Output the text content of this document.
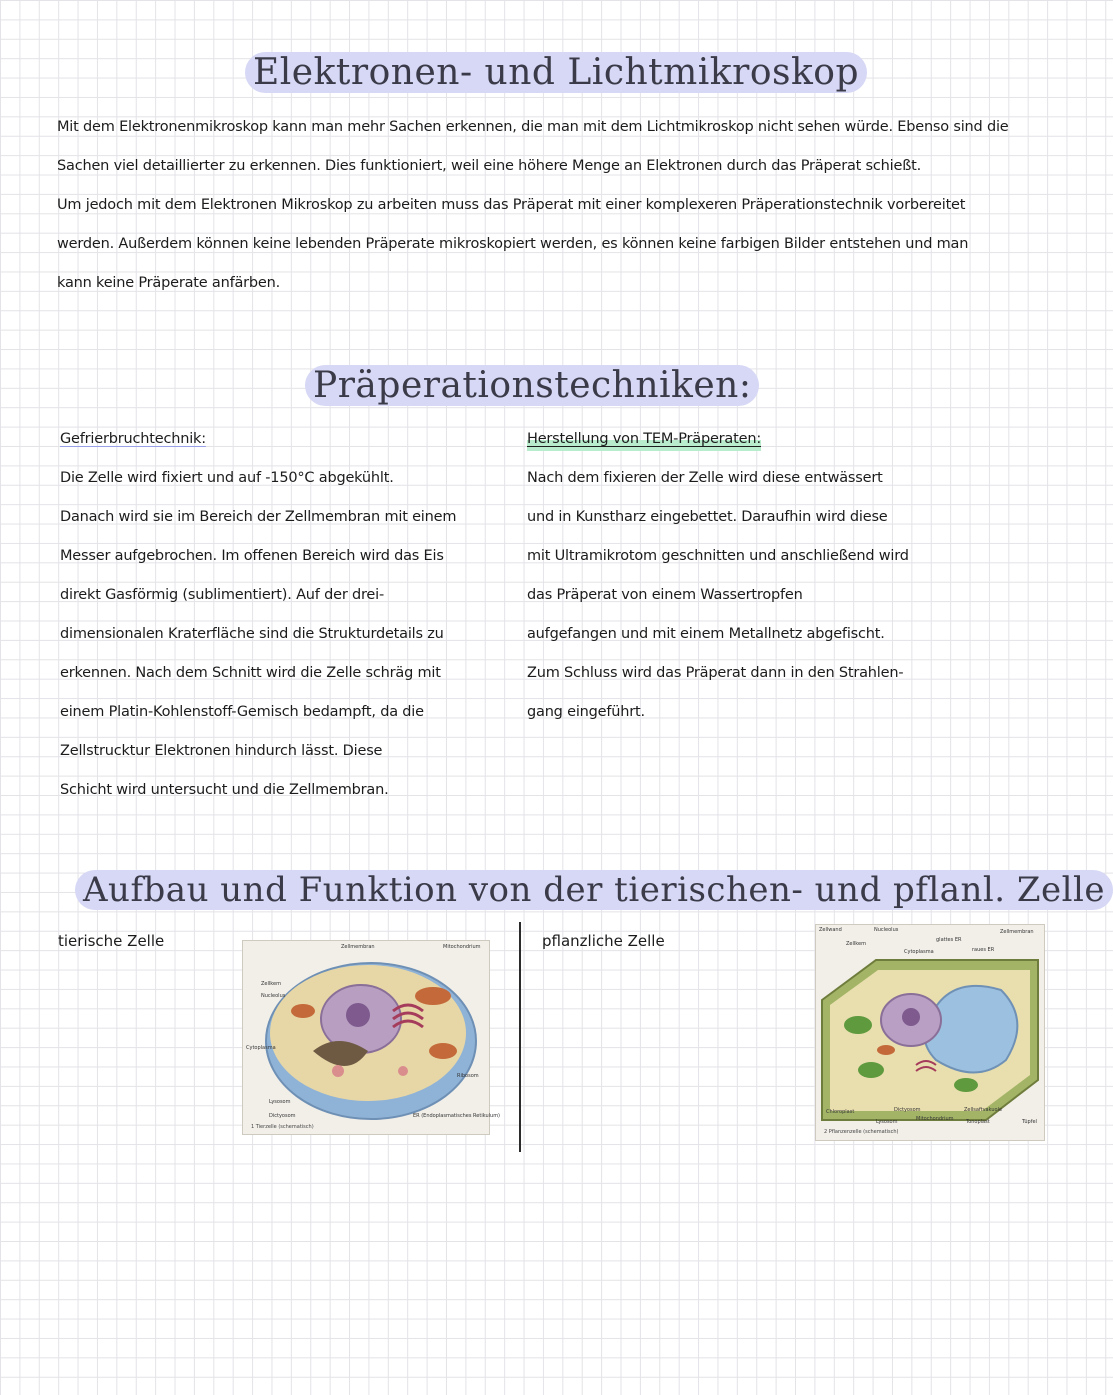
Elektronen- und Lichtmikroskop
Mit dem Elektronenmikroskop kann man mehr Sachen erkennen, die man mit dem Lichtmikroskop nicht sehen würde. Ebenso sind die
Sachen viel detaillierter zu erkennen. Dies funktioniert, weil eine höhere Menge an Elektronen durch das Präperat schießt.
Um jedoch mit dem Elektronen Mikroskop zu arbeiten muss das Präperat mit einer komplexeren Präperationstechnik vorbereitet
werden. Außerdem können keine lebenden Präperate mikroskopiert werden, es können keine farbigen Bilder entstehen und man
kann keine Präperate anfärben.
Präperationstechniken:
Gefrierbruchtechnik:
Die Zelle wird fixiert und auf -150°C abgekühlt.
Danach wird sie im Bereich der Zellmembran mit einem
Messer aufgebrochen. Im offenen Bereich wird das Eis
direkt Gasförmig (sublimentiert). Auf der drei-
dimensionalen Kraterfläche sind die Strukturdetails zu
erkennen. Nach dem Schnitt wird die Zelle schräg mit
einem Platin-Kohlenstoff-Gemisch bedampft, da die
Zellstrucktur Elektronen hindurch lässt. Diese
Schicht wird untersucht und die Zellmembran.
Herstellung von TEM-Präperaten:
Nach dem fixieren der Zelle wird diese entwässert
und in Kunstharz eingebettet. Daraufhin wird diese
mit Ultramikrotom geschnitten und anschließend wird
das Präperat von einem Wassertropfen
aufgefangen und mit einem Metallnetz abgefischt.
Zum Schluss wird das Präperat dann in den Strahlen-
gang eingeführt.
Aufbau und Funktion von der tierischen- und pflanl. Zelle
tierische Zelle	pflanzliche Zelle
Zellmembran	Mitochondrium
Zellkern
Nucleolus
Cytoplasma
Ribosom
Lysosom
Dictyosom	ER (Endoplasmatisches Retikulum)
1 Tierzelle (schematisch)
Zellwand	Nucleolus	Zellmembran
Zellkern
glattes ER
Cytoplasma	raues ER
Chloroplast	Dictyosom	Zellsaftvakuole
Lysosom	Mitochondrium Tonoplast	Tüpfel
2 Pflanzenzelle (schematisch)
